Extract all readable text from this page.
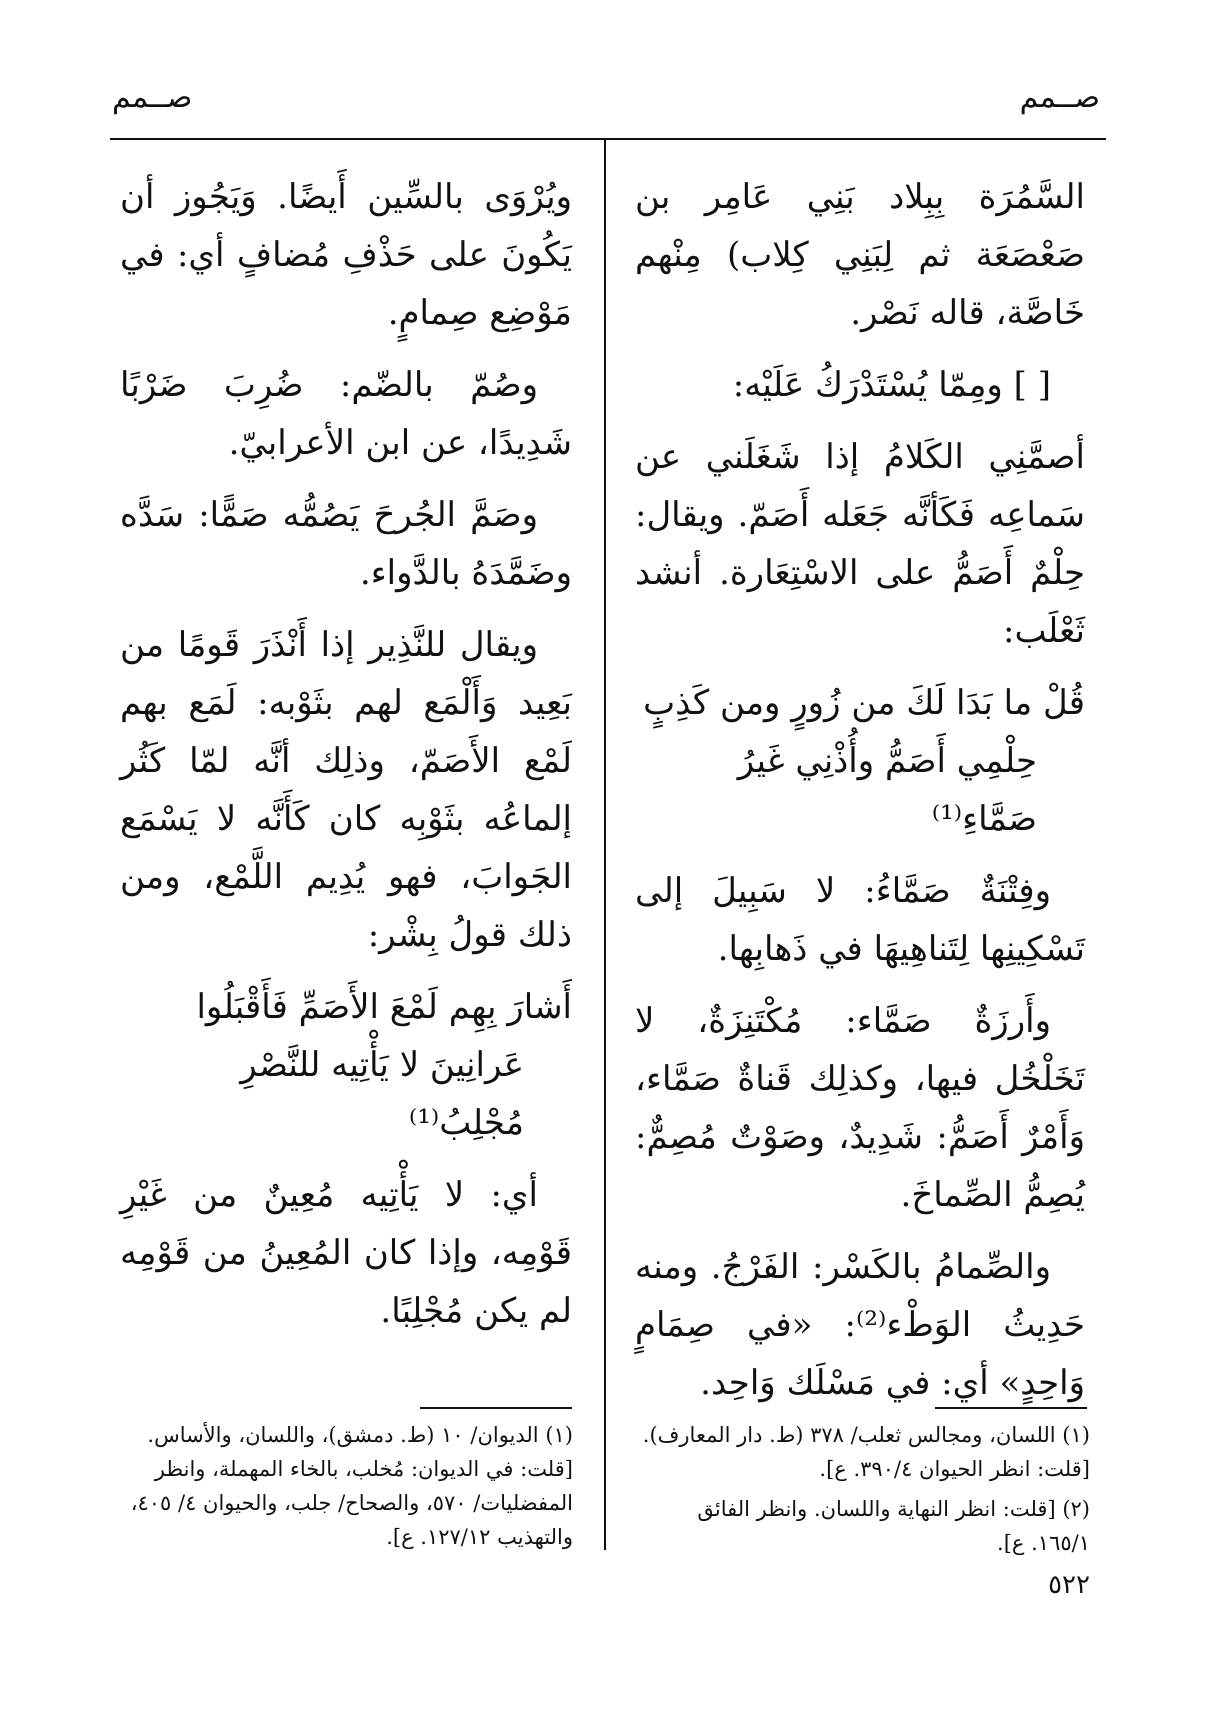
صــمم
صــمم

السَّمُرَة بِبِلاد بَنِي عَامِر بن صَعْصَعَة ثم لِبَنِي كِلاب) مِنْهم خَاصَّة، قاله نَصْر.

[ ] ومِمّا يُسْتَدْرَكُ عَلَيْه:

أصمَّنِي الكَلامُ إذا شَغَلَني عن سَماعِه فَكَأنَّه جَعَله أَصَمّ. ويقال: حِلْمٌ أَصَمُّ على الاسْتِعَارة. أنشد ثَعْلَب:

قُلْ ما بَدَا لَكَ من زُورٍ ومن كَذِبٍ
حِلْمِي أَصَمُّ وأُذْنِي غَيرُ صَمَّاءِ⁽¹⁾

وفِتْنَةٌ صَمَّاءُ: لا سَبِيلَ إلى تَسْكِينِها لِتَناهِيهَا في ذَهابِها.

وأَرزَةٌ صَمَّاء: مُكْتَنِزَةٌ، لا تَخَلْخُل فيها، وكذلِك قَناةٌ صَمَّاء، وَأَمْرٌ أَصَمُّ: شَدِيدٌ، وصَوْتٌ مُصِمٌّ: يُصِمُّ الصِّماخَ.

والصِّمامُ بالكَسْر: الفَرْجُ. ومنه حَدِيثُ الوَطْء⁽²⁾: «في صِمَامٍ وَاحِدٍ» أي: في مَسْلَك وَاحِد.

ويُرْوَى بالسِّين أَيضًا. وَيَجُوز أن يَكُونَ على حَذْفِ مُضافٍ أي: في مَوْضِع صِمامٍ.

وصُمّ بالضّم: ضُرِبَ ضَرْبًا شَدِيدًا، عن ابن الأعرابيّ.

وصَمَّ الجُرحَ يَصُمُّه صَمًّا: سَدَّه وضَمَّدَهُ بالدَّواء.

ويقال للنَّذِير إذا أَنْذَرَ قَومًا من بَعِيد وَأَلْمَع لهم بثَوْبه: لَمَع بهم لَمْع الأَصَمّ، وذلِك أنَّه لمّا كَثُر إلماعُه بثَوْبِه كان كَأَنَّه لا يَسْمَع الجَوابَ، فهو يُدِيم اللَّمْع، ومن ذلك قولُ بِشْر:

أَشارَ بِهِم لَمْعَ الأَصَمِّ فَأَقْبَلُوا
عَرانِينَ لا يَأْتِيه للنَّصْرِ مُجْلِبُ⁽¹⁾

أي: لا يَأْتِيه مُعِينٌ من غَيْرِ قَوْمِه، وإذا كان المُعِينُ من قَوْمِه لم يكن مُجْلِبًا.

(١) اللسان، ومجالس ثعلب/ ٣٧٨ (ط. دار المعارف). [قلت: انظر الحيوان ٣٩٠/٤. ع].

(٢) [قلت: انظر النهاية واللسان. وانظر الفائق ١٦٥/١. ع].

(١) الديوان/ ١٠ (ط. دمشق)، واللسان، والأساس. [قلت: في الديوان: مُخلب، بالخاء المهملة، وانظر المفضليات/ ٥٧٠، والصحاح/ جلب، والحيوان ٤/ ٤٠٥، والتهذيب ١٢٧/١٢. ع].

٥٢٢
